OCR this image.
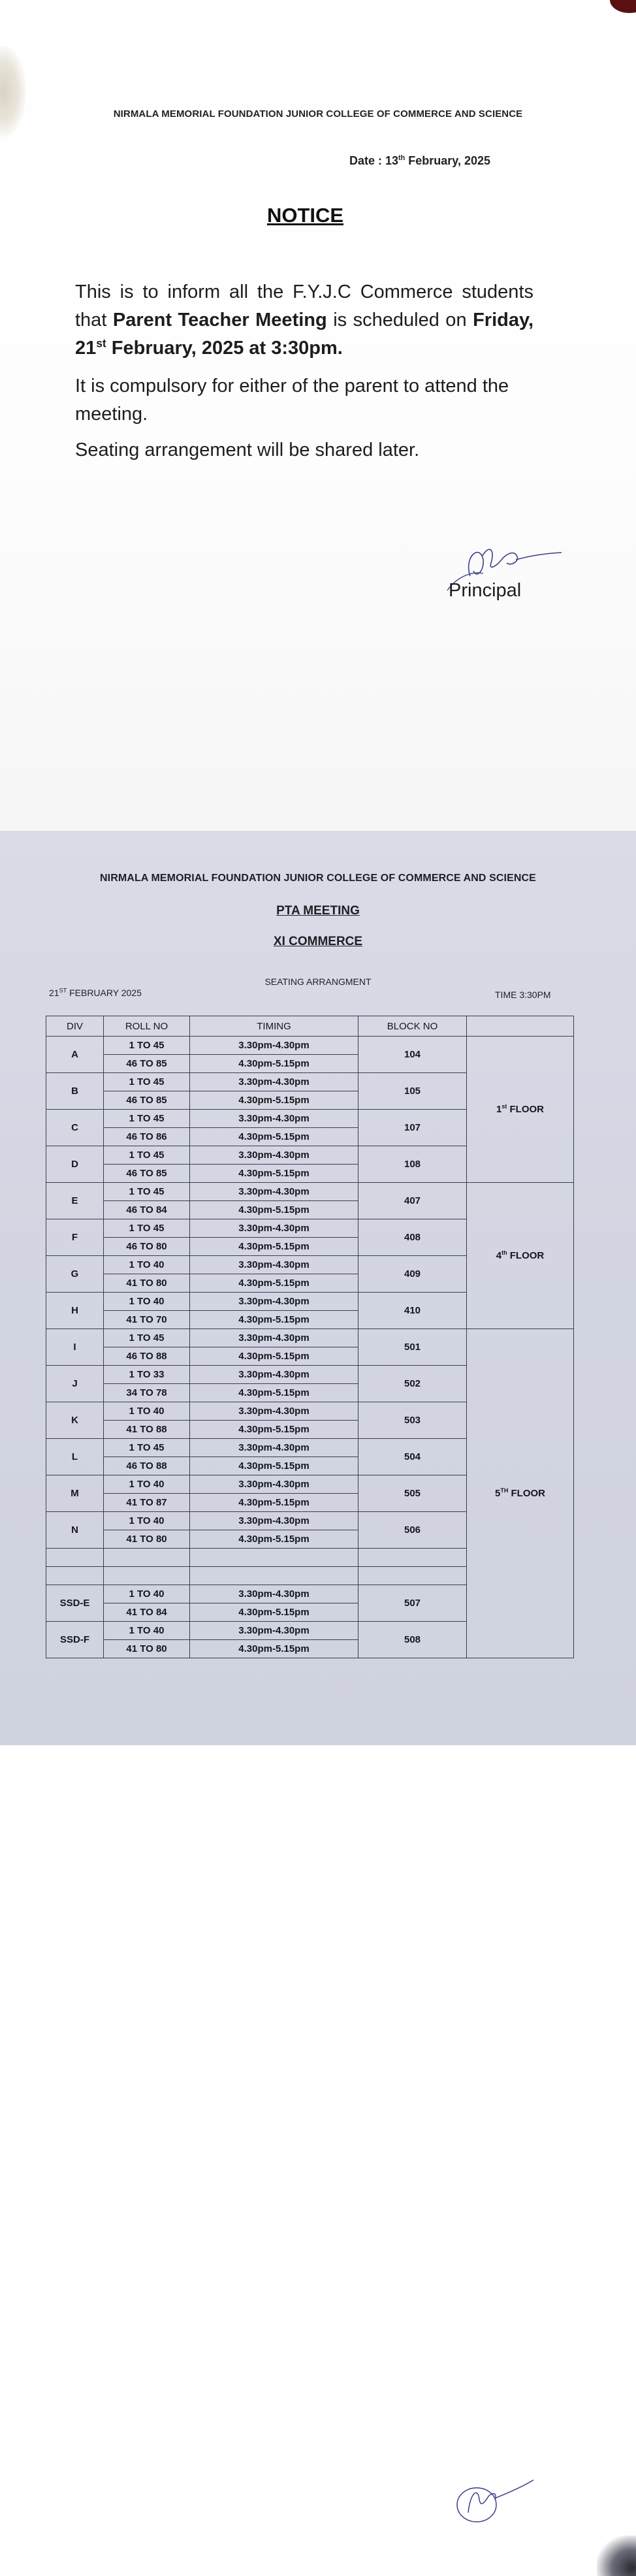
NIRMALA MEMORIAL FOUNDATION JUNIOR COLLEGE OF COMMERCE AND SCIENCE
Date : 13th February, 2025
NOTICE
This is to inform all the F.Y.J.C Commerce students that Parent Teacher Meeting is scheduled on Friday, 21st February, 2025 at 3:30pm.
It is compulsory for either of the parent to attend the meeting.
Seating arrangement will be shared later.
Principal
NIRMALA MEMORIAL FOUNDATION JUNIOR COLLEGE OF COMMERCE AND SCIENCE
PTA MEETING
XI COMMERCE
SEATING ARRANGMENT
21ST FEBRUARY 2025	TIME 3:30PM
DIV	ROLL NO	TIMING	BLOCK NO	
A	1 TO 45	3.30pm-4.30pm	104	1st FLOOR
	46 TO 85	4.30pm-5.15pm		
B	1 TO 45	3.30pm-4.30pm	105	
	46 TO 85	4.30pm-5.15pm		
C	1 TO 45	3.30pm-4.30pm	107	
	46 TO 86	4.30pm-5.15pm		
D	1 TO 45	3.30pm-4.30pm	108	
	46 TO 85	4.30pm-5.15pm		
E	1 TO 45	3.30pm-4.30pm	407	4th FLOOR
	46 TO 84	4.30pm-5.15pm		
F	1 TO 45	3.30pm-4.30pm	408	
	46 TO 80	4.30pm-5.15pm		
G	1 TO 40	3.30pm-4.30pm	409	
	41 TO 80	4.30pm-5.15pm		
H	1 TO 40	3.30pm-4.30pm	410	
	41 TO 70	4.30pm-5.15pm		
I	1 TO 45	3.30pm-4.30pm	501	5TH FLOOR
	46 TO 88	4.30pm-5.15pm		
J	1 TO 33	3.30pm-4.30pm	502	
	34 TO 78	4.30pm-5.15pm		
K	1 TO 40	3.30pm-4.30pm	503	
	41 TO 88	4.30pm-5.15pm		
L	1 TO 45	3.30pm-4.30pm	504	
	46 TO 88	4.30pm-5.15pm		
M	1 TO 40	3.30pm-4.30pm	505	
	41 TO 87	4.30pm-5.15pm		
N	1 TO 40	3.30pm-4.30pm	506	
	41 TO 80	4.30pm-5.15pm		

SSD-E	1 TO 40	3.30pm-4.30pm	507	
	41 TO 84	4.30pm-5.15pm		
SSD-F	1 TO 40	3.30pm-4.30pm	508	
	41 TO 80	4.30pm-5.15pm		
